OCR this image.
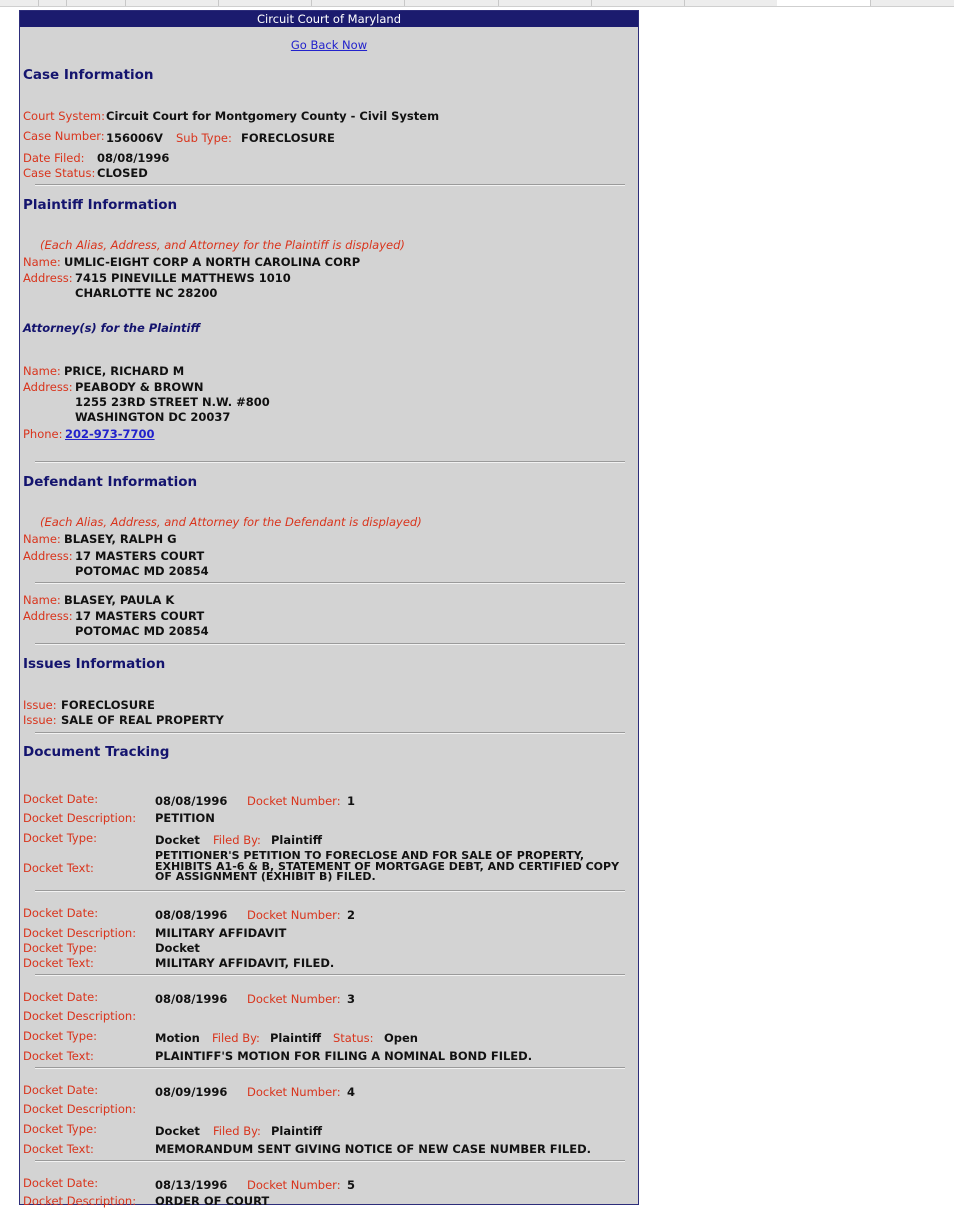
Circuit Court of Maryland
Go Back Now
Case Information
Court System: Circuit Court for Montgomery County - Civil System
Case Number: 156006V Sub Type: FORECLOSURE
Date Filed: 08/08/1996
Case Status: CLOSED
Plaintiff Information
(Each Alias, Address, and Attorney for the Plaintiff is displayed)
Name: UMLIC-EIGHT CORP A NORTH CAROLINA CORP
Address: 7415 PINEVILLE MATTHEWS 1010
CHARLOTTE NC 28200
Attorney(s) for the Plaintiff
Name: PRICE, RICHARD M
Address: PEABODY & BROWN
1255 23RD STREET N.W. #800
WASHINGTON DC 20037
Phone: 202-973-7700
Defendant Information
(Each Alias, Address, and Attorney for the Defendant is displayed)
Name: BLASEY, RALPH G
Address: 17 MASTERS COURT
POTOMAC MD 20854
Name: BLASEY, PAULA K
Address: 17 MASTERS COURT
POTOMAC MD 20854
Issues Information
Issue: FORECLOSURE
Issue: SALE OF REAL PROPERTY
Document Tracking
Docket Date:	08/08/1996 Docket Number: 1
Docket Description: PETITION
Docket Type:	Docket Filed By: Plaintiff
Docket Text:
PETITIONER'S PETITION TO FORECLOSE AND FOR SALE OF PROPERTY, EXHIBITS A1-6 & B, STATEMENT OF MORTGAGE DEBT, AND CERTIFIED COPY OF ASSIGNMENT (EXHIBIT B) FILED.
Docket Date:	08/08/1996 Docket Number: 2
Docket Description: MILITARY AFFIDAVIT
Docket Type:	Docket
Docket Text:	MILITARY AFFIDAVIT, FILED.
Docket Date:	08/08/1996 Docket Number: 3
Docket Description:
Docket Type:	Motion Filed By: Plaintiff Status: Open
Docket Text:	PLAINTIFF'S MOTION FOR FILING A NOMINAL BOND FILED.
Docket Date:	08/09/1996 Docket Number: 4
Docket Description:
Docket Type:	Docket Filed By: Plaintiff
Docket Text:	MEMORANDUM SENT GIVING NOTICE OF NEW CASE NUMBER FILED.
Docket Date:	08/13/1996 Docket Number: 5
Docket Description: ORDER OF COURT
